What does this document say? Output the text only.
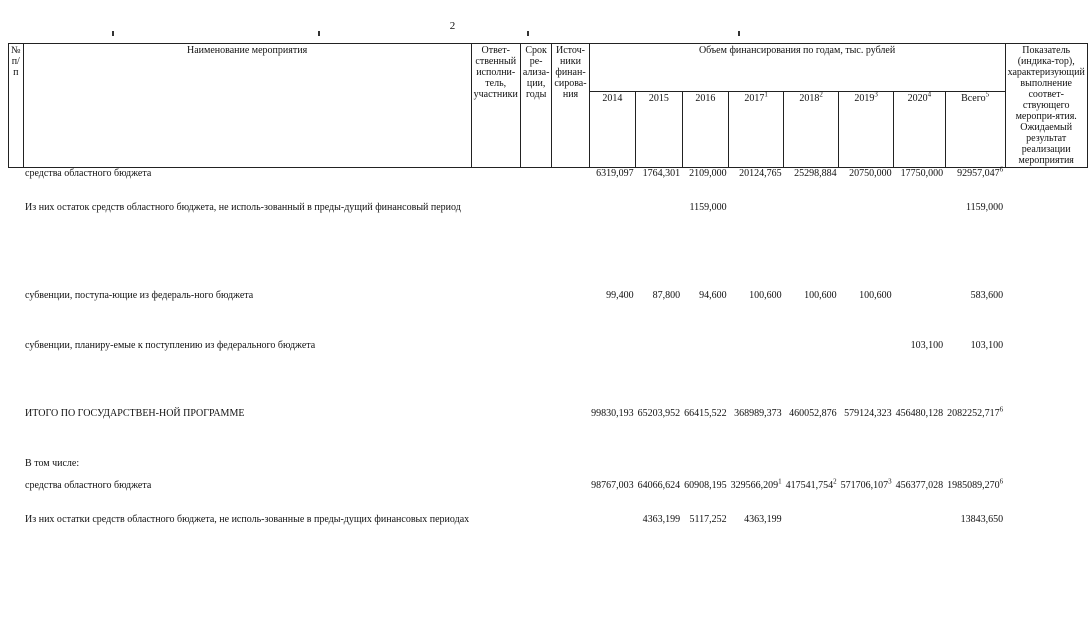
2
№ п/п	Наименование мероприятия	Ответ-ственный исполни-тель, участники	Срок ре-ализа-ции, годы	Источ-ники финан-сирова-ния	Объем финансирования по годам, тыс. рублей								Показатель (индика-тор), характеризующий выполнение соответ-ствующего меропри-ятия. Ожидаемый результат реализации мероприятия
					2014	2015	2016	2017$^1$	2018$^2$	2019$^3$	2020$^4$	Всего$^5$
	средства областного бюджета				6319,097	1764,301	2109,000	20124,765	25298,884	20750,000	17750,000	92957,047$^6$	
	Из них остаток средств областного бюджета, не исполь-зованный в преды-дущий финансовый период						1159,000					1159,000	
	субвенции, поступа-ющие из федераль-ного бюджета				99,400	87,800	94,600	100,600	100,600	100,600		583,600	
	субвенции, планиру-емые к поступлению из федерального бюджета										103,100	103,100	
	ИТОГО ПО ГОСУДАРСТВЕН-НОЙ ПРОГРАММЕ				99830,193	65203,952	66415,522	368989,373	460052,876	579124,323	456480,128	2082252,717$^6$	
	В том числе:												
	средства областного бюджета				98767,003	64066,624	60908,195	329566,209$^1$	417541,754$^2$	571706,107$^3$	456377,028	1985089,270$^6$	
	Из них остатки средств областного бюджета, не исполь-зованные в преды-дущих финансовых периодах					4363,199	5117,252	4363,199				13843,650	
